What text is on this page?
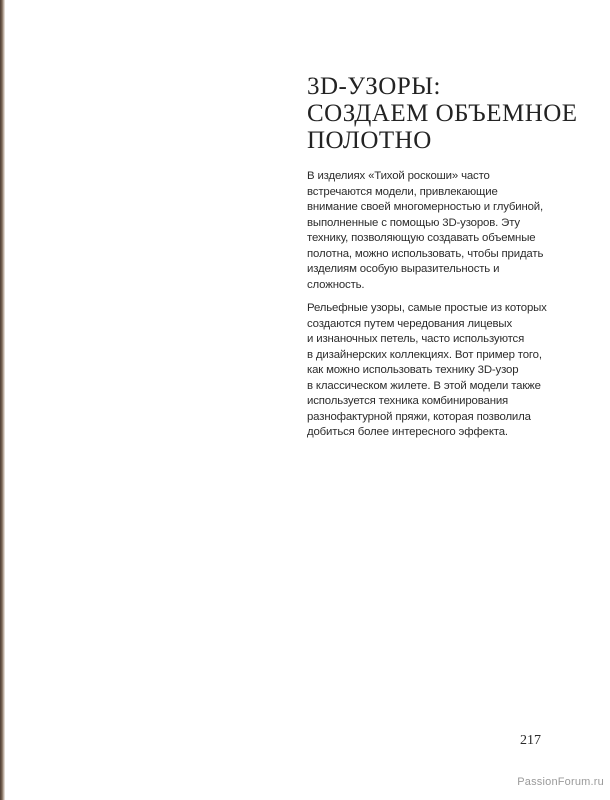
3D-УЗОРЫ:
СОЗДАЕМ ОБЪЕМНОЕ
ПОЛОТНО

В изделиях «Тихой роскоши» часто
встречаются модели, привлекающие
внимание своей многомерностью и глубиной,
выполненные с помощью 3D-узоров. Эту
технику, позволяющую создавать объемные
полотна, можно использовать, чтобы придать
изделиям особую выразительность и
сложность.

Рельефные узоры, самые простые из которых
создаются путем чередования лицевых
и изнаночных петель, часто используются
в дизайнерских коллекциях. Вот пример того,
как можно использовать технику 3D-узор
в классическом жилете. В этой модели также
используется техника комбинирования
разнофактурной пряжи, которая позволила
добиться более интересного эффекта.

217
PassionForum.ru
